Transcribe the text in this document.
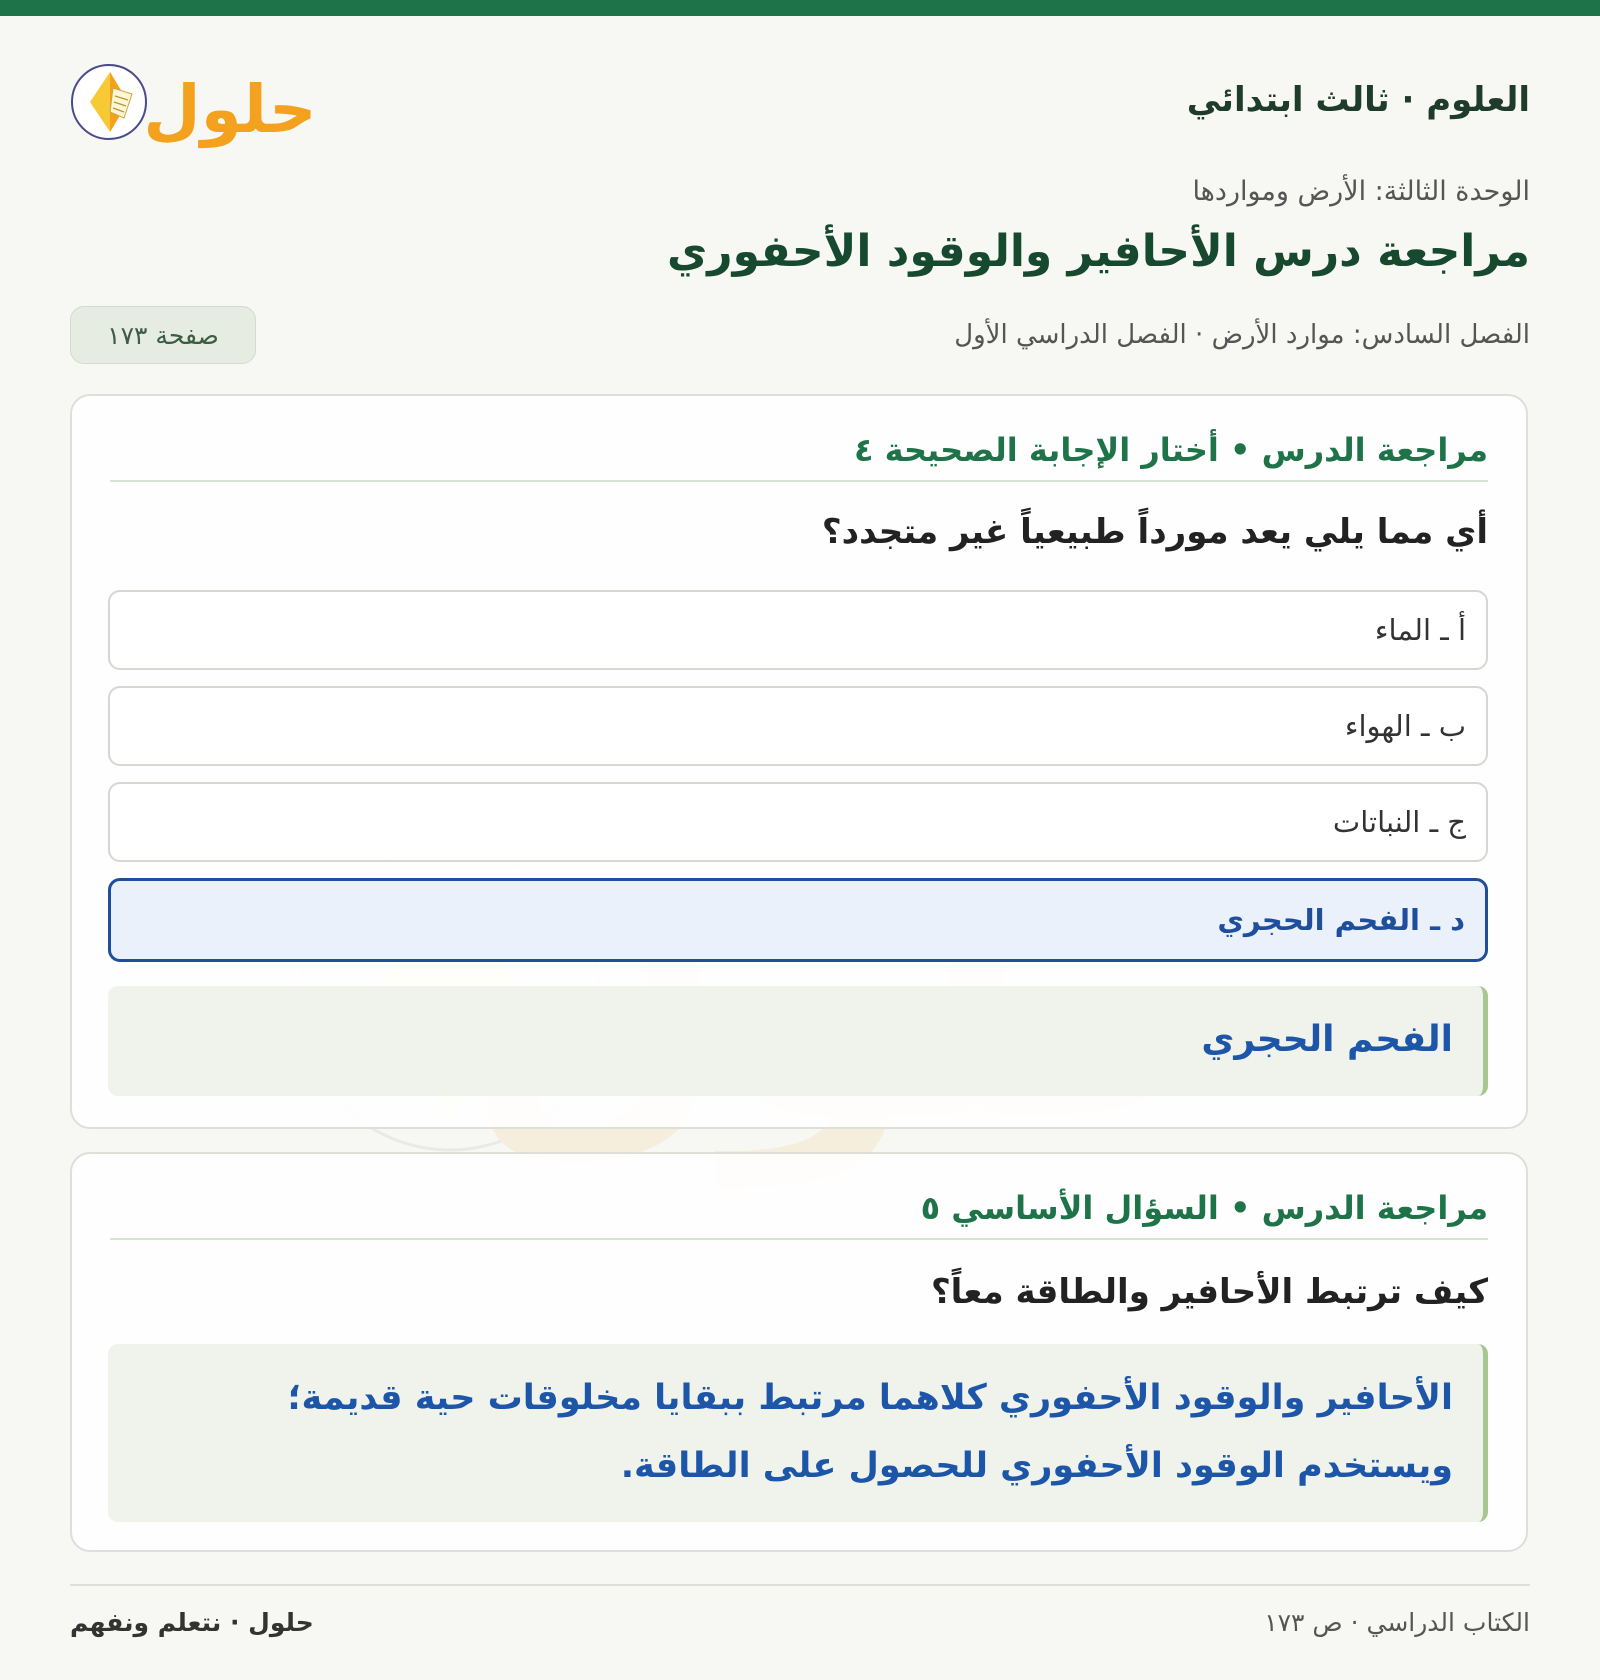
العلوم · ثالث ابتدائي
حلول
الوحدة الثالثة: الأرض ومواردها
مراجعة درس الأحافير والوقود الأحفوري
الفصل السادس: موارد الأرض · الفصل الدراسي الأول
صفحة ١٧٣
مراجعة الدرس • أختار الإجابة الصحيحة ٤
أي مما يلي يعد مورداً طبيعياً غير متجدد؟
أ ـ الماء
ب ـ الهواء
ج ـ النباتات
د ـ الفحم الحجري
الفحم الحجري
مراجعة الدرس • السؤال الأساسي ٥
كيف ترتبط الأحافير والطاقة معاً؟
الأحافير والوقود الأحفوري كلاهما مرتبط ببقايا مخلوقات حية قديمة؛ ويستخدم الوقود الأحفوري للحصول على الطاقة.
الكتاب الدراسي · ص ١٧٣
حلول · نتعلم ونفهم
